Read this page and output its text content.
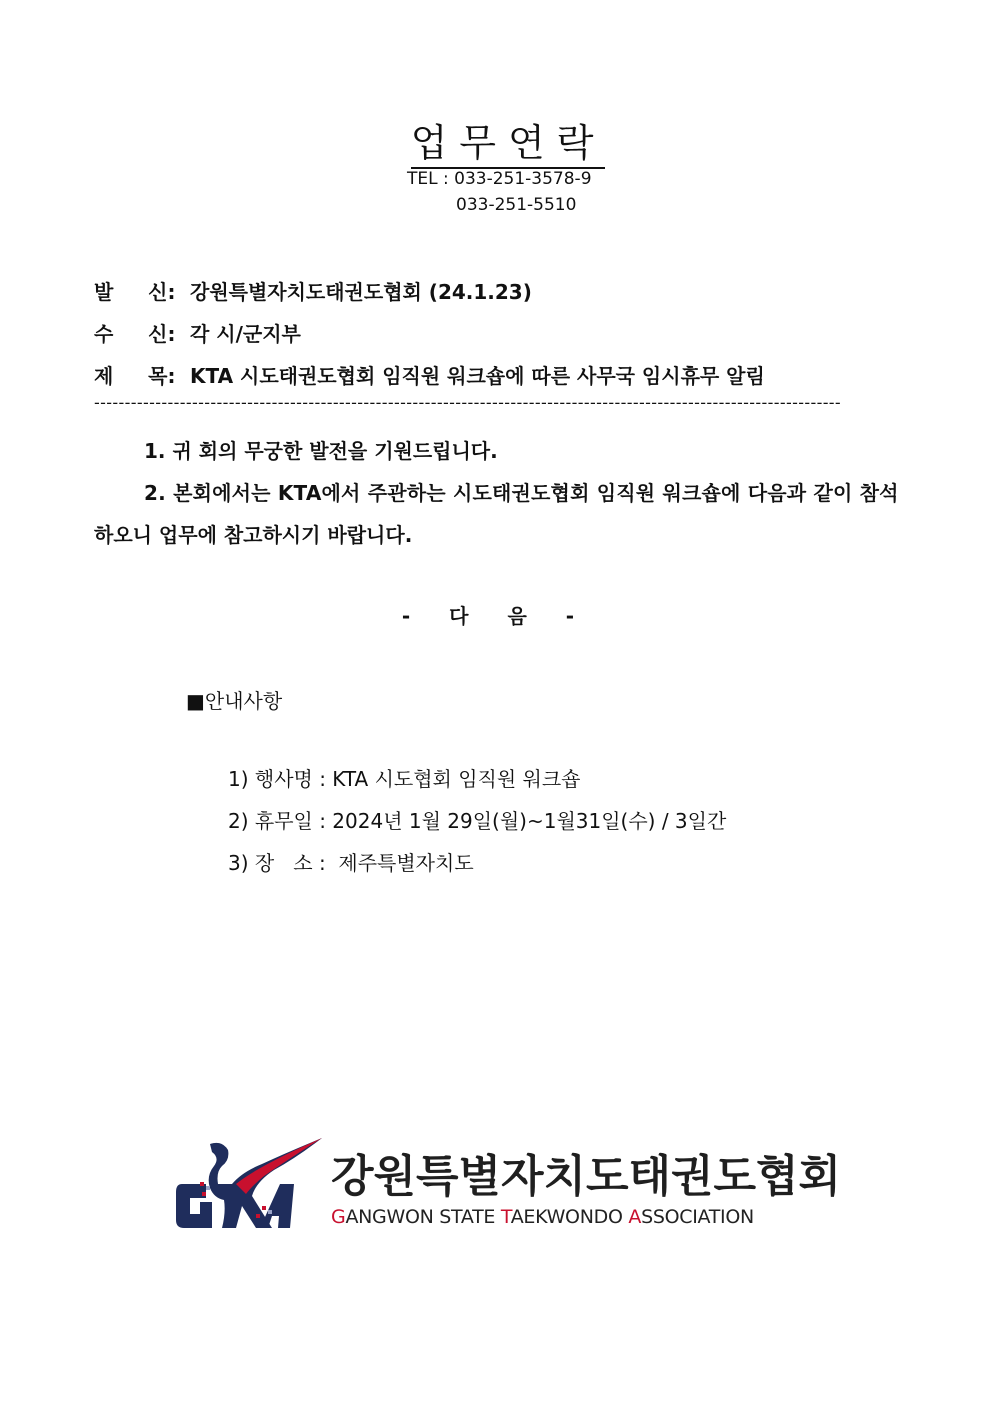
업무연락
TEL : 033-251-3578-9
033-251-5510
발     신: 강원특별자치도태권도협회 (24.1.23)
수     신: 각 시/군지부
제     목: KTA 시도태권도협회 임직원 워크숍에 따른 사무국 임시휴무 알림
--------------------------------------------------------------------------------------------------------------------------
1. 귀 회의 무궁한 발전을 기원드립니다.
2. 본회에서는 KTA에서 주관하는 시도태권도협회 임직원 워크숍에 다음과 같이 참석
하오니 업무에 참고하시기 바랍니다.
- 다 음 -
■안내사항
1) 행사명 : KTA 시도협회 임직원 워크숍
2) 휴무일 : 2024년 1월 29일(월)~1월31일(수) / 3일간
3) 장   소 :  제주특별자치도
강원특별자치도태권도협회
GANGWON STATE TAEKWONDO ASSOCIATION
